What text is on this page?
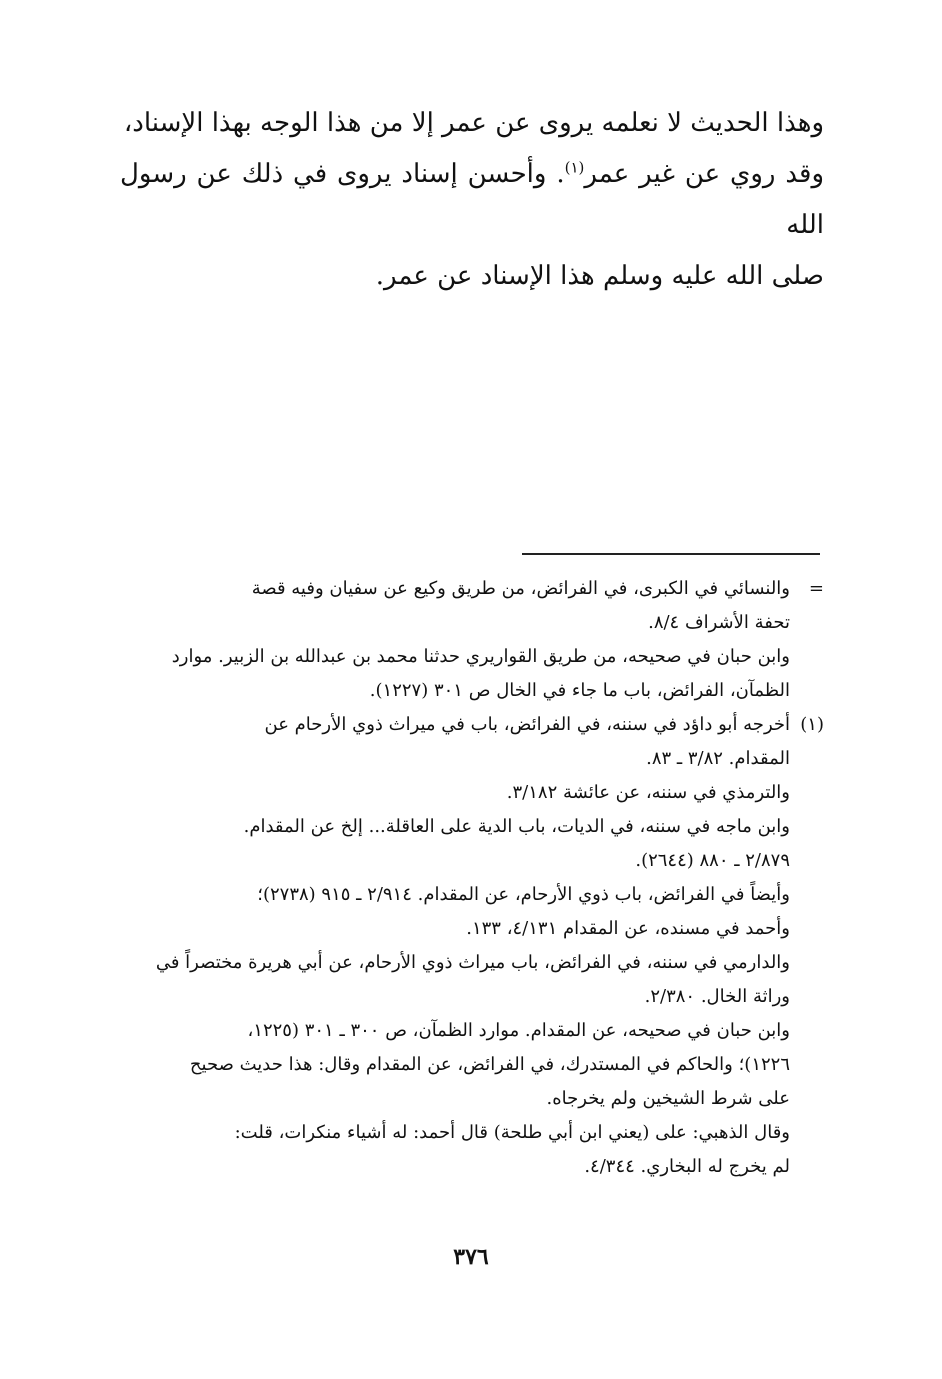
وهذا الحديث لا نعلمه يروى عن عمر إلا من هذا الوجه بهذا الإسناد،

وقد روي عن غير عمر$^{(١)}$. وأحسن إسناد يروى في ذلك عن رسول الله

صلى الله عليه وسلم هذا الإسناد عن عمر.

=
والنسائي في الكبرى، في الفرائض، من طريق وكيع عن سفيان وفيه قصة
تحفة الأشراف ٨/٤.
وابن حبان في صحيحه، من طريق القواريري حدثنا محمد بن عبدالله بن الزبير. موارد
الظمآن، الفرائض، باب ما جاء في الخال ص ٣٠١ (١٢٢٧).
(١)
أخرجه أبو داؤد في سننه، في الفرائض، باب في ميراث ذوي الأرحام عن
المقدام. ٣/٨٢ ـ ٨٣.
والترمذي في سننه، عن عائشة ٣/١٨٢.
وابن ماجه في سننه، في الديات، باب الدية على العاقلة... إلخ عن المقدام.
٢/٨٧٩ ـ ٨٨٠ (٢٦٤٤).
وأيضاً في الفرائض، باب ذوي الأرحام، عن المقدام. ٢/٩١٤ ـ ٩١٥ (٢٧٣٨)؛
وأحمد في مسنده، عن المقدام ٤/١٣١، ١٣٣.
والدارمي في سننه، في الفرائض، باب ميراث ذوي الأرحام، عن أبي هريرة مختصراً في
وراثة الخال. ٢/٣٨٠.
وابن حبان في صحيحه، عن المقدام. موارد الظمآن، ص ٣٠٠ ـ ٣٠١ (١٢٢٥،
١٢٢٦)؛ والحاكم في المستدرك، في الفرائض، عن المقدام وقال: هذا حديث صحيح
على شرط الشيخين ولم يخرجاه.
وقال الذهبي: على (يعني ابن أبي طلحة) قال أحمد: له أشياء منكرات، قلت:
لم يخرج له البخاري. ٤/٣٤٤.
٣٧٦
